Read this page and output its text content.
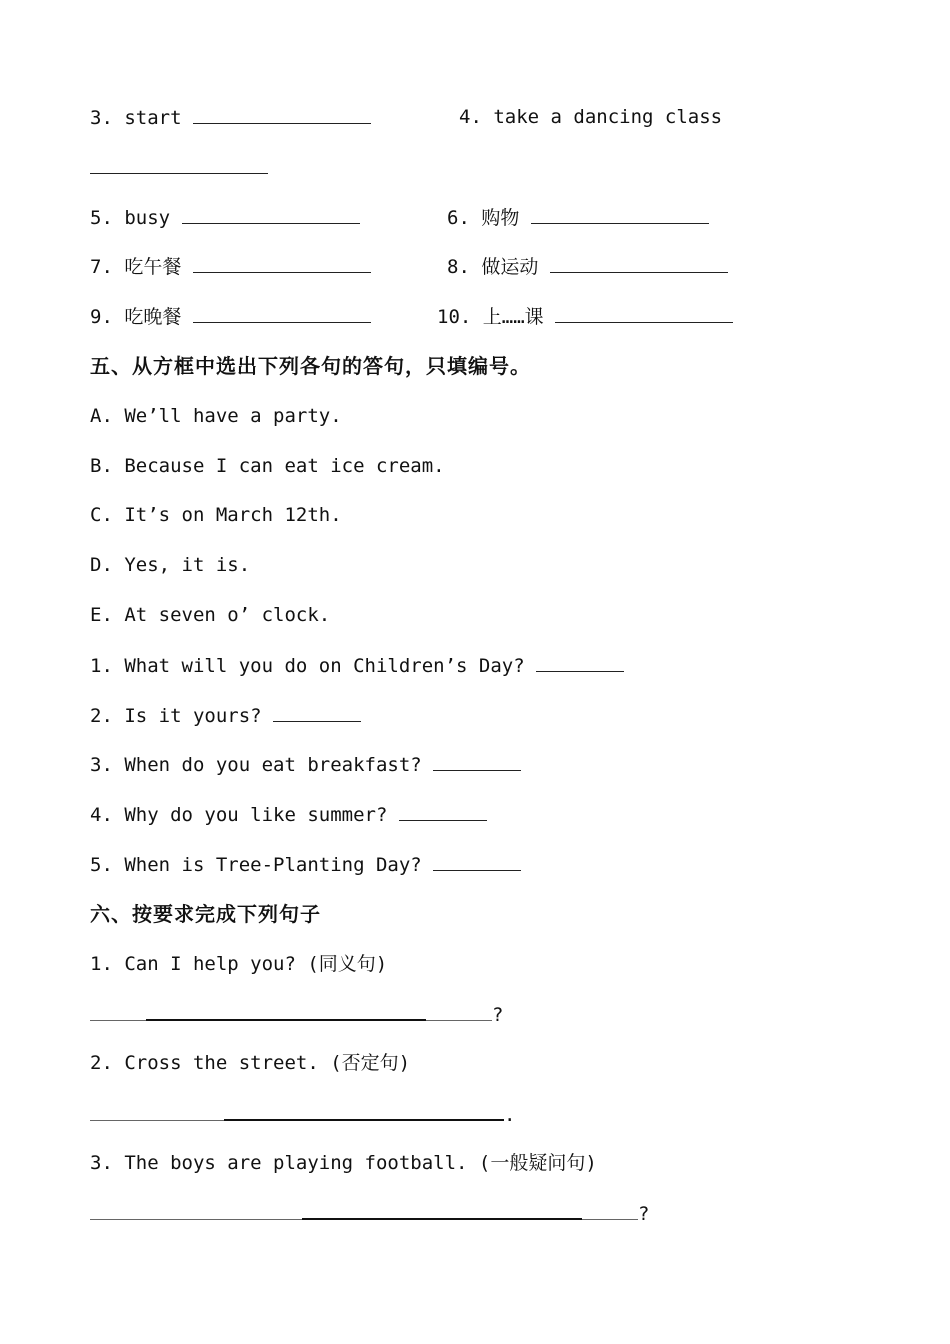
3. start	4. take a dancing class
5. busy	6. 购物
7. 吃午餐	8. 做运动
9. 吃晚餐	10. 上……课
五、从方框中选出下列各句的答句，只填编号。
A. We’ll have a party.
B. Because I can eat ice cream.
C. It’s on March 12th.
D. Yes, it is.
E. At seven o’ clock.
1. What will you do on Children’s Day?
2. Is it yours?
3. When do you eat breakfast?
4. Why do you like summer?
5. When is Tree-Planting Day?
六、按要求完成下列句子
1. Can I help you? (同义句)
?
2. Cross the street. (否定句)
.
3. The boys are playing football. (一般疑问句)
?
